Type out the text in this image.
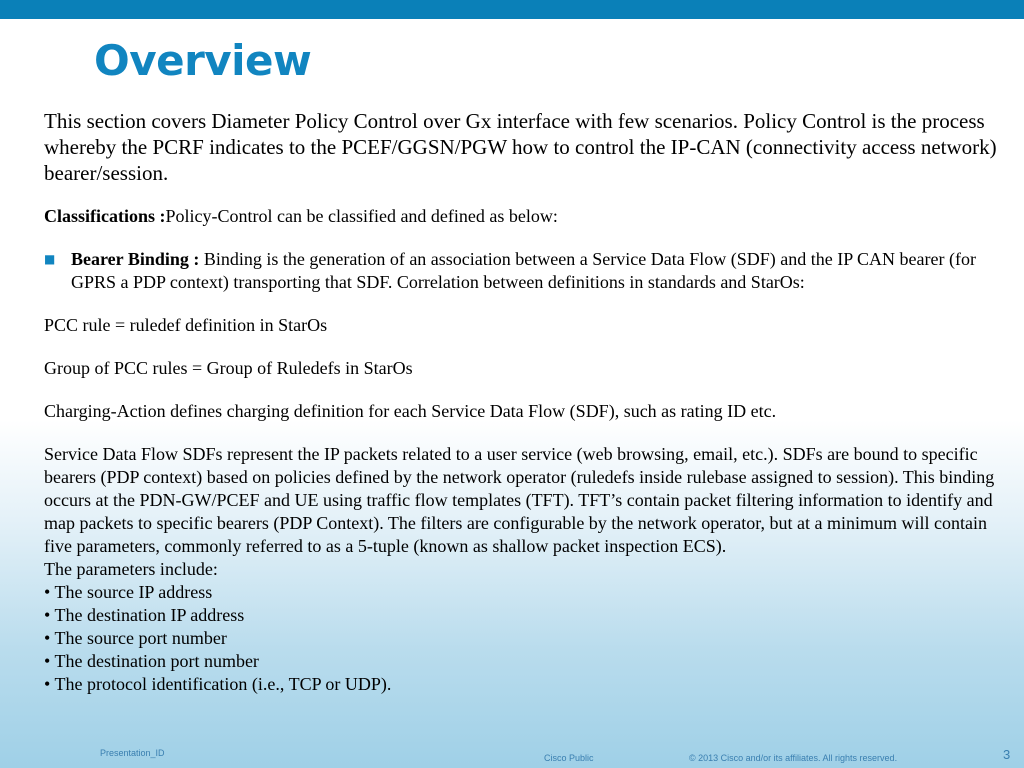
Overview

This section covers Diameter Policy Control over Gx interface with few scenarios. Policy Control is the process whereby the PCRF indicates to the PCEF/GGSN/PGW how to control the IP-CAN (connectivity access network) bearer/session.

Classifications :Policy-Control can be classified and defined as below:

■ Bearer Binding : Binding is the generation of an association between a Service Data Flow (SDF) and the IP CAN bearer (for GPRS a PDP context) transporting that SDF. Correlation between definitions in standards and StarOs:

PCC rule = ruledef definition in StarOs

Group of PCC rules = Group of Ruledefs in StarOs

Charging-Action defines charging definition for each Service Data Flow (SDF), such as rating ID etc.

Service Data Flow SDFs represent the IP packets related to a user service (web browsing, email, etc.). SDFs are bound to specific bearers (PDP context) based on policies defined by the network operator (ruledefs inside rulebase assigned to session). This binding occurs at the PDN-GW/PCEF and UE using traffic flow templates (TFT). TFT’s contain packet filtering information to identify and map packets to specific bearers (PDP Context). The filters are configurable by the network operator, but at a minimum will contain five parameters, commonly referred to as a 5-tuple (known as shallow packet inspection ECS).

The parameters include:

• The source IP address
• The destination IP address
• The source port number
• The destination port number
• The protocol identification (i.e., TCP or UDP).
Presentation_ID	Cisco Public	© 2013 Cisco and/or its affiliates. All rights reserved.	3
